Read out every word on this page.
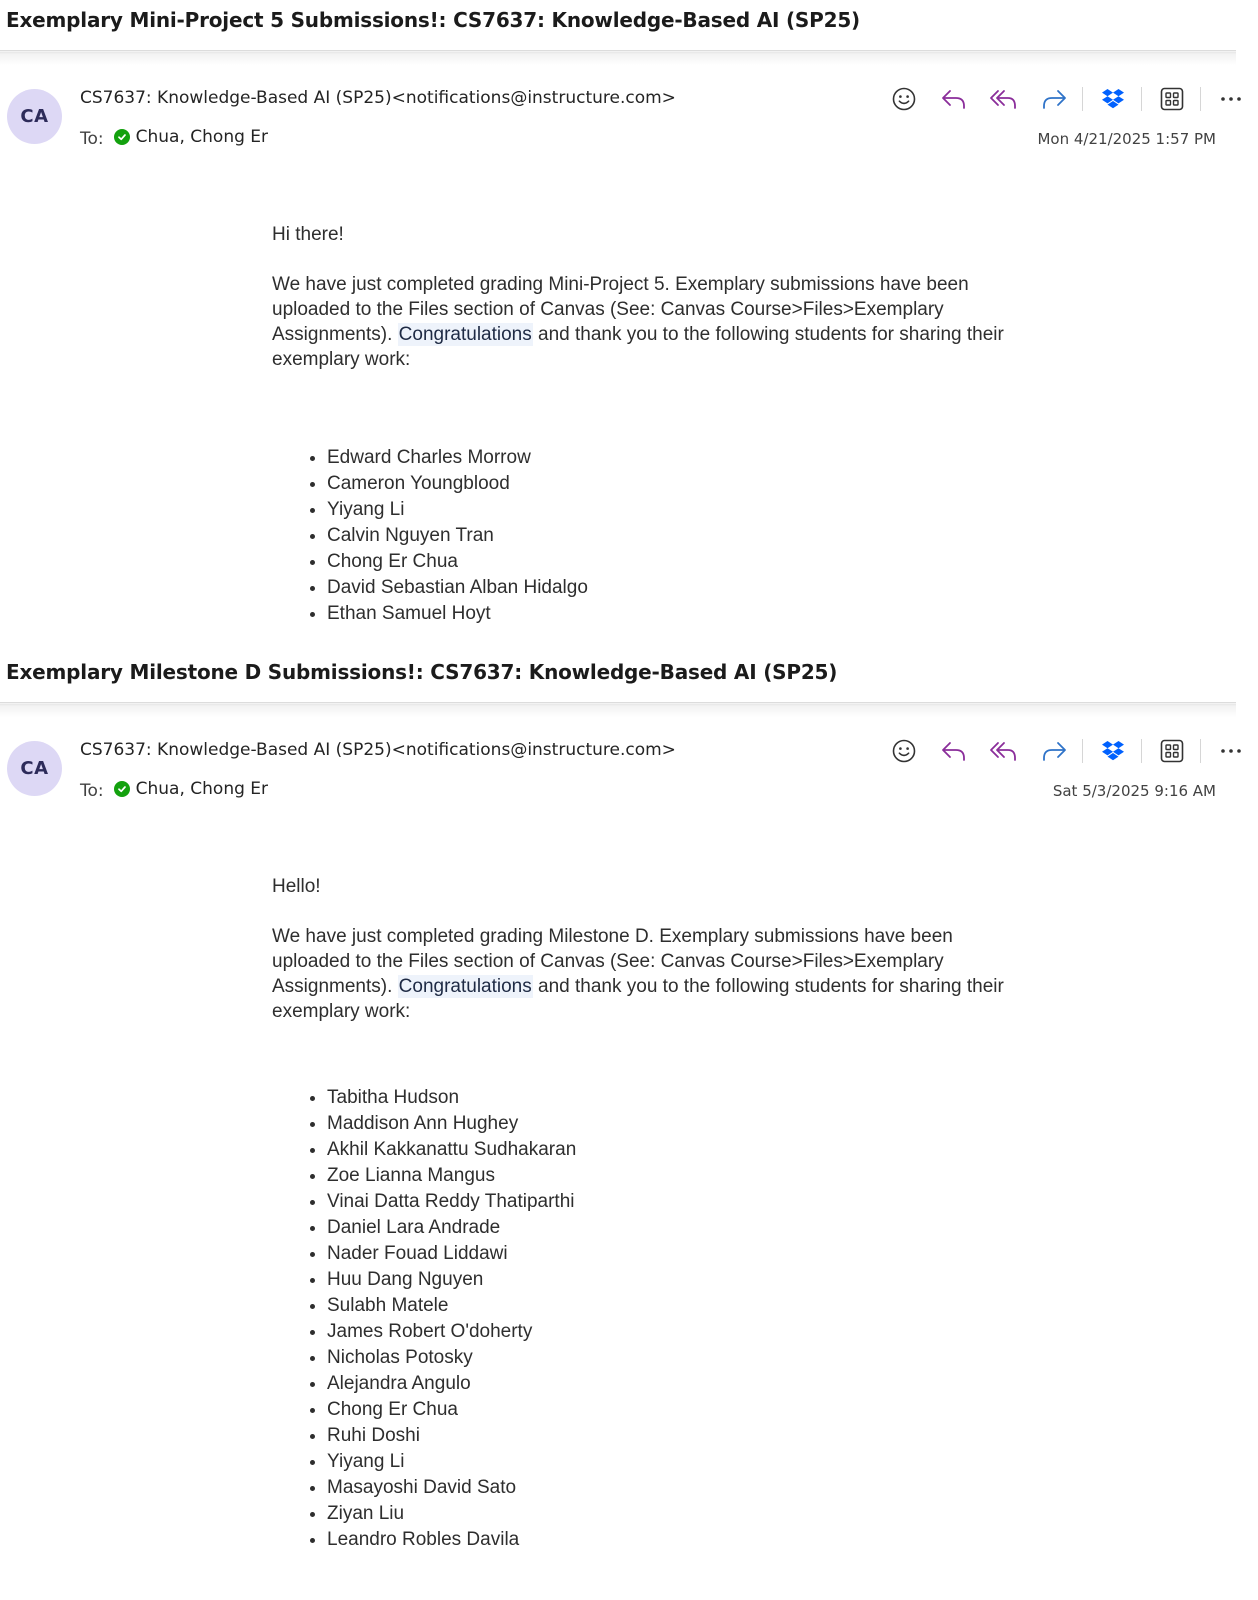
Exemplary Mini-Project 5 Submissions!: CS7637: Knowledge-Based AI (SP25)
CA
CS7637: Knowledge-Based AI (SP25)<notifications@instructure.com>
To: Chua, Chong Er	Mon 4/21/2025 1:57 PM

Hi there!

We have just completed grading Mini-Project 5. Exemplary submissions have been uploaded to the Files section of Canvas (See: Canvas Course>Files>Exemplary Assignments). Congratulations and thank you to the following students for sharing their exemplary work:

• Edward Charles Morrow
• Cameron Youngblood
• Yiyang Li
• Calvin Nguyen Tran
• Chong Er Chua
• David Sebastian Alban Hidalgo
• Ethan Samuel Hoyt
Exemplary Milestone D Submissions!: CS7637: Knowledge-Based AI (SP25)
CA
CS7637: Knowledge-Based AI (SP25)<notifications@instructure.com>
To: Chua, Chong Er	Sat 5/3/2025 9:16 AM

Hello!

We have just completed grading Milestone D. Exemplary submissions have been uploaded to the Files section of Canvas (See: Canvas Course>Files>Exemplary Assignments). Congratulations and thank you to the following students for sharing their exemplary work:

• Tabitha Hudson
• Maddison Ann Hughey
• Akhil Kakkanattu Sudhakaran
• Zoe Lianna Mangus
• Vinai Datta Reddy Thatiparthi
• Daniel Lara Andrade
• Nader Fouad Liddawi
• Huu Dang Nguyen
• Sulabh Matele
• James Robert O'doherty
• Nicholas Potosky
• Alejandra Angulo
• Chong Er Chua
• Ruhi Doshi
• Yiyang Li
• Masayoshi David Sato
• Ziyan Liu
• Leandro Robles Davila
